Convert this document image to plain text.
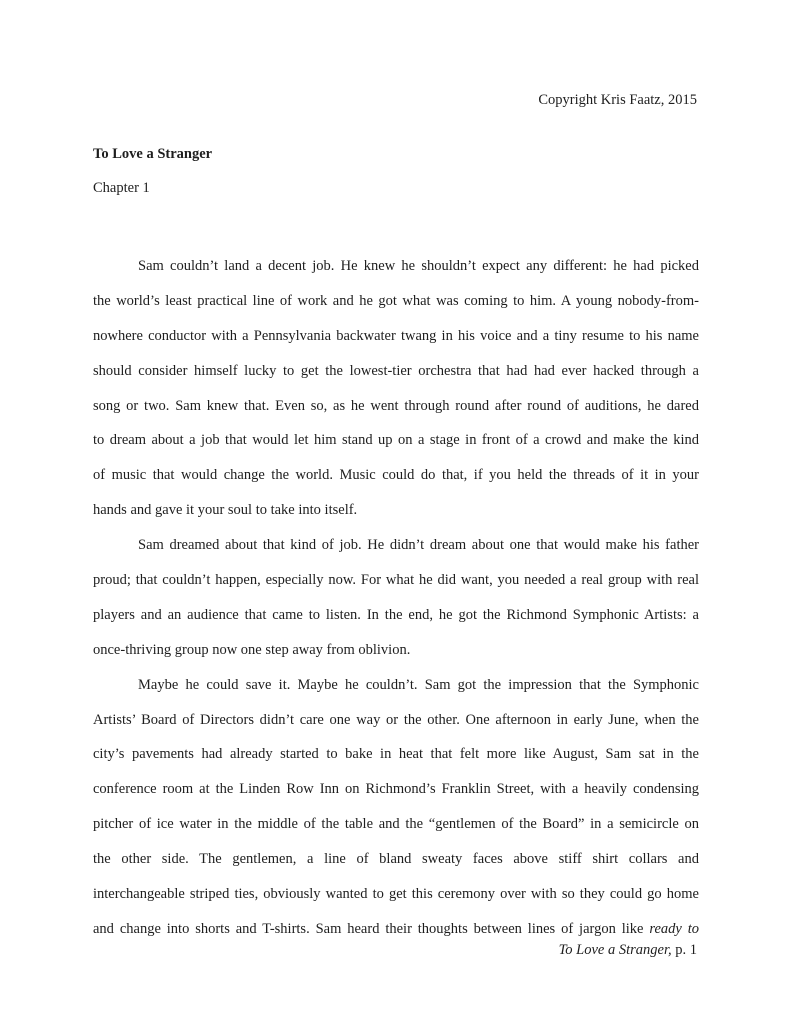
Copyright Kris Faatz, 2015
To Love a Stranger
Chapter 1
Sam couldn’t land a decent job. He knew he shouldn’t expect any different: he had picked
the world’s least practical line of work and he got what was coming to him. A young nobody-from-
nowhere conductor with a Pennsylvania backwater twang in his voice and a tiny resume to his name
should consider himself lucky to get the lowest-tier orchestra that had had ever hacked through a
song or two. Sam knew that. Even so, as he went through round after round of auditions, he dared
to dream about a job that would let him stand up on a stage in front of a crowd and make the kind
of music that would change the world. Music could do that, if you held the threads of it in your
hands and gave it your soul to take into itself.
Sam dreamed about that kind of job. He didn’t dream about one that would make his father
proud; that couldn’t happen, especially now. For what he did want, you needed a real group with real
players and an audience that came to listen. In the end, he got the Richmond Symphonic Artists: a
once-thriving group now one step away from oblivion.
Maybe he could save it. Maybe he couldn’t. Sam got the impression that the Symphonic
Artists’ Board of Directors didn’t care one way or the other. One afternoon in early June, when the
city’s pavements had already started to bake in heat that felt more like August, Sam sat in the
conference room at the Linden Row Inn on Richmond’s Franklin Street, with a heavily condensing
pitcher of ice water in the middle of the table and the “gentlemen of the Board” in a semicircle on
the other side. The gentlemen, a line of bland sweaty faces above stiff shirt collars and
interchangeable striped ties, obviously wanted to get this ceremony over with so they could go home
and change into shorts and T-shirts. Sam heard their thoughts between lines of jargon like ready to
To Love a Stranger, p. 1
